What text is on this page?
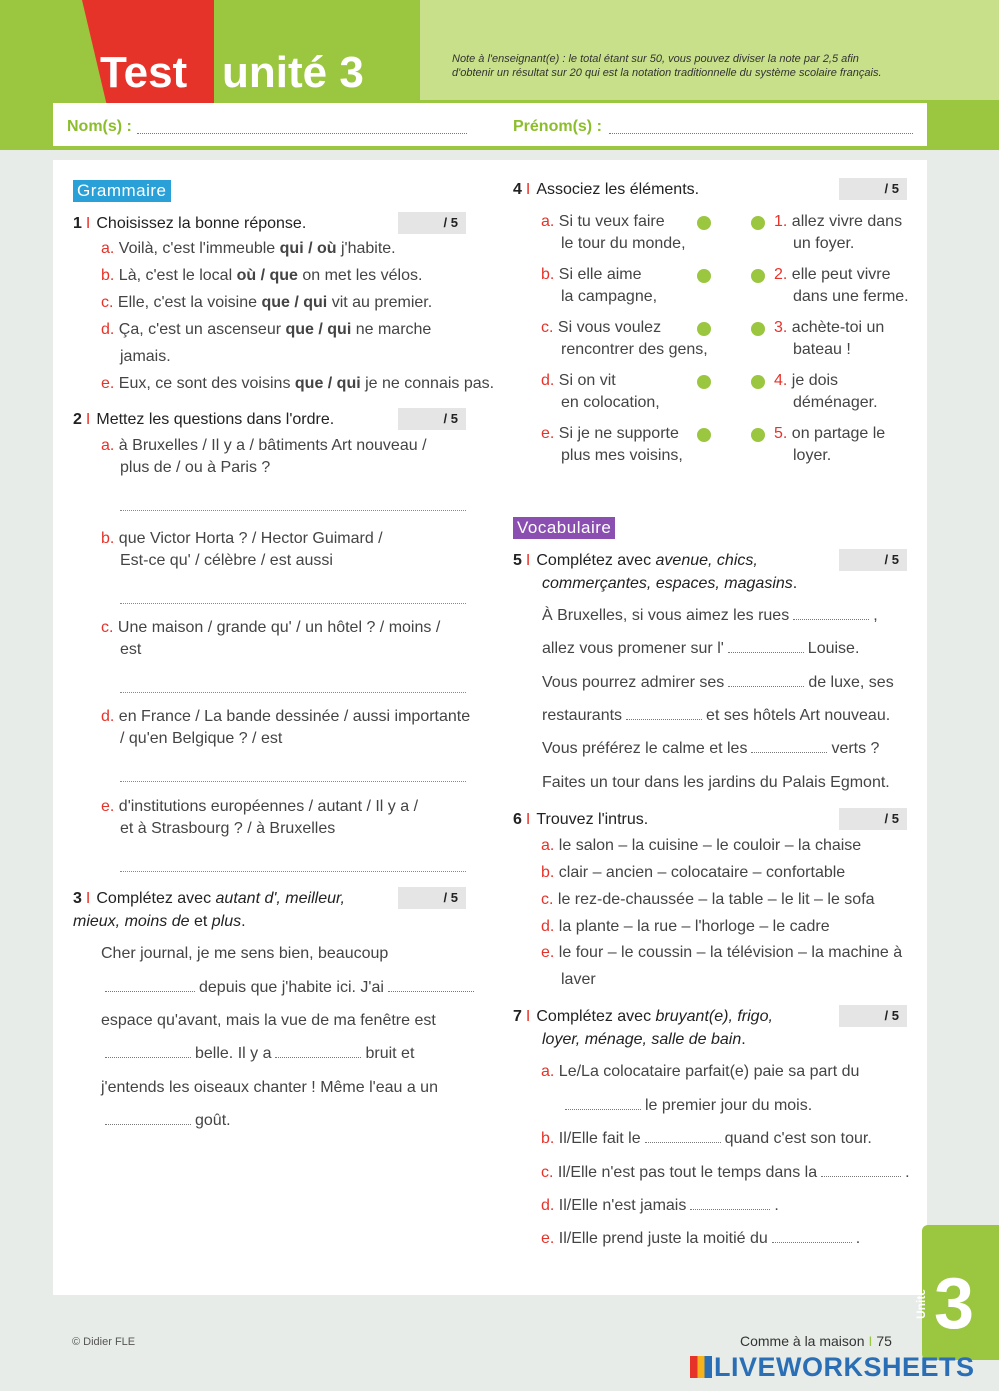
Test unité 3	Note à l'enseignant(e) : le total étant sur 50, vous pouvez diviser la note par 2,5 afin d'obtenir un résultat sur 20 qui est la notation traditionnelle du système scolaire français.
Nom(s) :	Prénom(s) :
Grammaire
1 I Choisissez la bonne réponse.	/ 5
a. Voilà, c'est l'immeuble qui / où j'habite.
b. Là, c'est le local où / que on met les vélos.
c. Elle, c'est la voisine que / qui vit au premier.
d. Ça, c'est un ascenseur que / qui ne marche
jamais.
e. Eux, ce sont des voisins que / qui je ne connais pas.
2 I Mettez les questions dans l'ordre.	/ 5
a. à Bruxelles / Il y a / bâtiments Art nouveau /
plus de / ou à Paris ?
b. que Victor Horta ? / Hector Guimard /
Est-ce qu' / célèbre / est aussi
c. Une maison / grande qu' / un hôtel ? / moins /
est
d. en France / La bande dessinée / aussi importante
/ qu'en Belgique ? / est
e. d'institutions européennes / autant / Il y a /
et à Strasbourg ? / à Bruxelles
3 I Complétez avec autant d', meilleur,
mieux, moins de et plus.
/ 5
Cher journal, je me sens bien, beaucoup
depuis que j'habite ici. J'ai
espace qu'avant, mais la vue de ma fenêtre est
belle. Il y a	bruit et
j'entends les oiseaux chanter ! Même l'eau a un
goût.
4 I Associez les éléments.	/ 5
a. Si tu veux faire
le tour du monde,
1. allez vivre dans
un foyer.
b. Si elle aime
la campagne,
2. elle peut vivre
dans une ferme.
c. Si vous voulez
rencontrer des gens,
3. achète-toi un
bateau !
d. Si on vit
en colocation,
4. je dois
déménager.
e. Si je ne supporte
plus mes voisins,
5. on partage le
loyer.
Vocabulaire
5 I Complétez avec avenue, chics,
commerçantes, espaces, magasins.
/ 5
À Bruxelles, si vous aimez les rues	,
allez vous promener sur l'	Louise.
Vous pourrez admirer ses	de luxe, ses
restaurants	et ses hôtels Art nouveau.
Vous préférez le calme et les	verts ?
Faites un tour dans les jardins du Palais Egmont.
6 I Trouvez l'intrus.	/ 5
a. le salon – la cuisine – le couloir – la chaise
b. clair – ancien – colocataire – confortable
c. le rez-de-chaussée – la table – le lit – le sofa
d. la plante – la rue – l'horloge – le cadre
e. le four – le coussin – la télévision – la machine à
laver
7 I Complétez avec bruyant(e), frigo,
loyer, ménage, salle de bain.
/ 5
a. Le/La colocataire parfait(e) paie sa part du
le premier jour du mois.
b. Il/Elle fait le	quand c'est son tour.
c. Il/Elle n'est pas tout le temps dans la	.
d. Il/Elle n'est jamais	.
e. Il/Elle prend juste la moitié du	.
© Didier FLE	Comme à la maison I 75
Unité 3
LIVEWORKSHEETS
